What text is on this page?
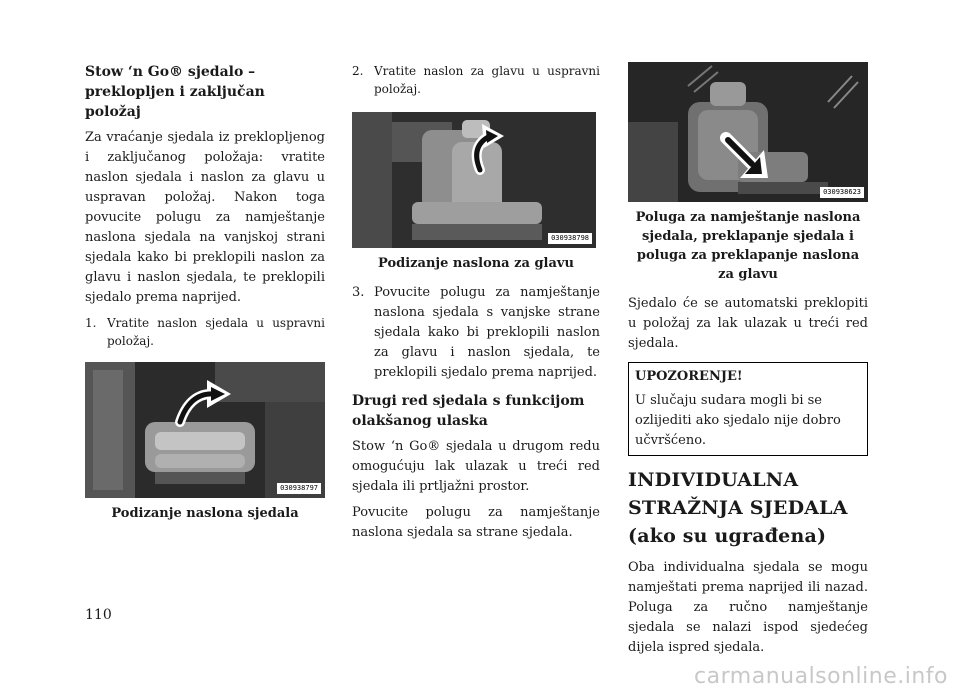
Stow ‘n Go® sjedalo – preklopljen i zaključan položaj
Za vraćanje sjedala iz preklopljenog i zaključanog položaja: vratite naslon sjedala i naslon za glavu u uspravan položaj. Nakon toga povucite polugu za namještanje naslona sjedala na vanjskoj strani sjedala kako bi preklopili naslon za glavu i naslon sjedala, te preklopili sjedalo prema naprijed.
1. Vratite naslon sjedala u uspravni položaj.
030938797
Podizanje naslona sjedala
2. Vratite naslon za glavu u uspravni položaj.
030938798
Podizanje naslona za glavu
3. Povucite polugu za namještanje naslona sjedala s vanjske strane sjedala kako bi preklopili naslon za glavu i naslon sjedala, te preklopili sjedalo prema naprijed.
Drugi red sjedala s funkcijom olakšanog ulaska
Stow ‘n Go® sjedala u drugom redu omogućuju lak ulazak u treći red sjedala ili prtljažni prostor.
Povucite polugu za namještanje naslona sjedala sa strane sjedala.
030938623
Poluga za namještanje naslona sjedala, preklapanje sjedala i poluga za preklapanje naslona za glavu
Sjedalo će se automatski preklopiti u položaj za lak ulazak u treći red sjedala.
UPOZORENJE!
U slučaju sudara mogli bi se ozlijediti ako sjedalo nije dobro učvršćeno.
INDIVIDUALNA STRAŽNJA SJEDALA (ako su ugrađena)
Oba individualna sjedala se mogu namještati prema naprijed ili nazad. Poluga za ručno namještanje sjedala se nalazi ispod sjedećeg dijela ispred sjedala.
110
carmanualsonline.info
